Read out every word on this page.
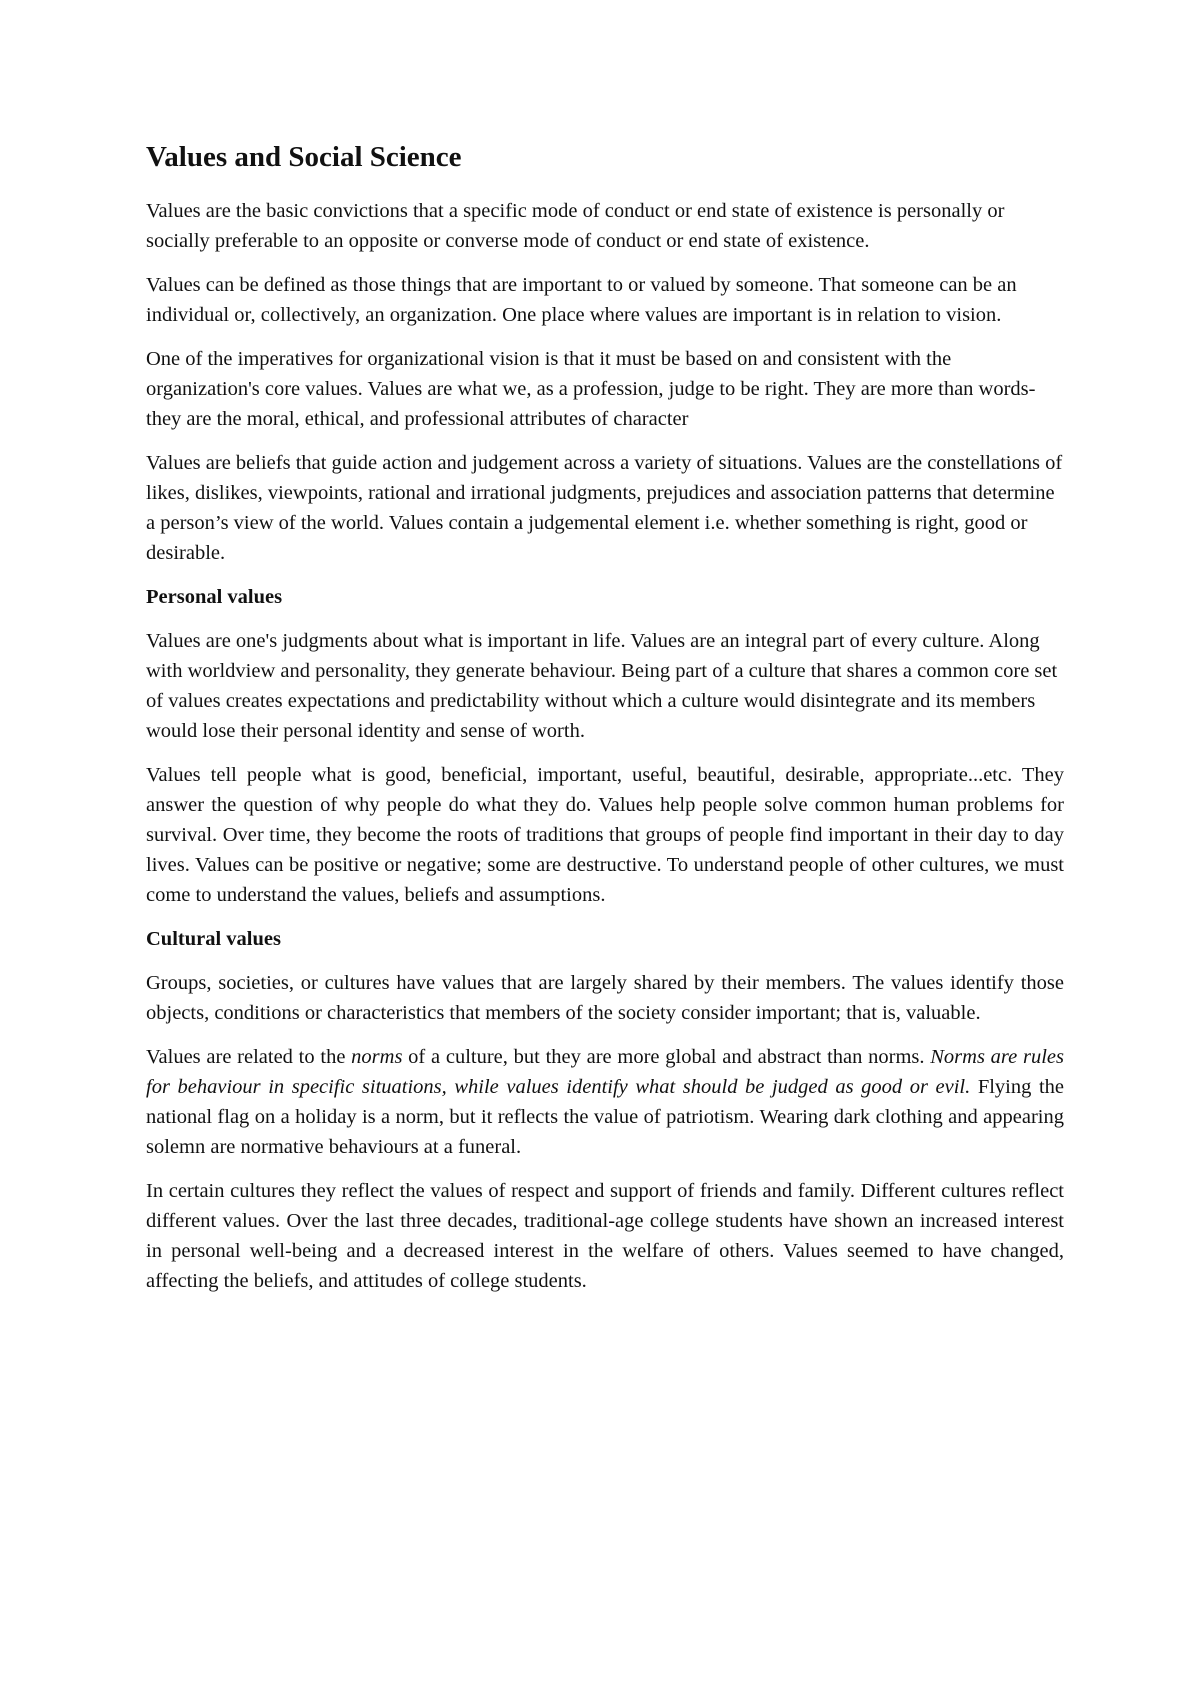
Values and Social Science

Values are the basic convictions that a specific mode of conduct or end state of existence is personally or socially preferable to an opposite or converse mode of conduct or end state of existence.

Values can be defined as those things that are important to or valued by someone. That someone can be an individual or, collectively, an organization. One place where values are important is in relation to vision.

One of the imperatives for organizational vision is that it must be based on and consistent with the organization's core values. Values are what we, as a profession, judge to be right. They are more than words-they are the moral, ethical, and professional attributes of character

Values are beliefs that guide action and judgement across a variety of situations. Values are the constellations of likes, dislikes, viewpoints, rational and irrational judgments, prejudices and association patterns that determine a person’s view of the world. Values contain a judgemental element i.e. whether something is right, good or desirable.

Personal values

Values are one's judgments about what is important in life. Values are an integral part of every culture. Along with worldview and personality, they generate behaviour. Being part of a culture that shares a common core set of values creates expectations and predictability without which a culture would disintegrate and its members would lose their personal identity and sense of worth.

Values tell people what is good, beneficial, important, useful, beautiful, desirable, appropriate...etc. They answer the question of why people do what they do. Values help people solve common human problems for survival. Over time, they become the roots of traditions that groups of people find important in their day to day lives. Values can be positive or negative; some are destructive. To understand people of other cultures, we must come to understand the values, beliefs and assumptions.

Cultural values

Groups, societies, or cultures have values that are largely shared by their members. The values identify those objects, conditions or characteristics that members of the society consider important; that is, valuable.

Values are related to the norms of a culture, but they are more global and abstract than norms. Norms are rules for behaviour in specific situations, while values identify what should be judged as good or evil. Flying the national flag on a holiday is a norm, but it reflects the value of patriotism. Wearing dark clothing and appearing solemn are normative behaviours at a funeral.

In certain cultures they reflect the values of respect and support of friends and family. Different cultures reflect different values. Over the last three decades, traditional-age college students have shown an increased interest in personal well-being and a decreased interest in the welfare of others. Values seemed to have changed, affecting the beliefs, and attitudes of college students.
